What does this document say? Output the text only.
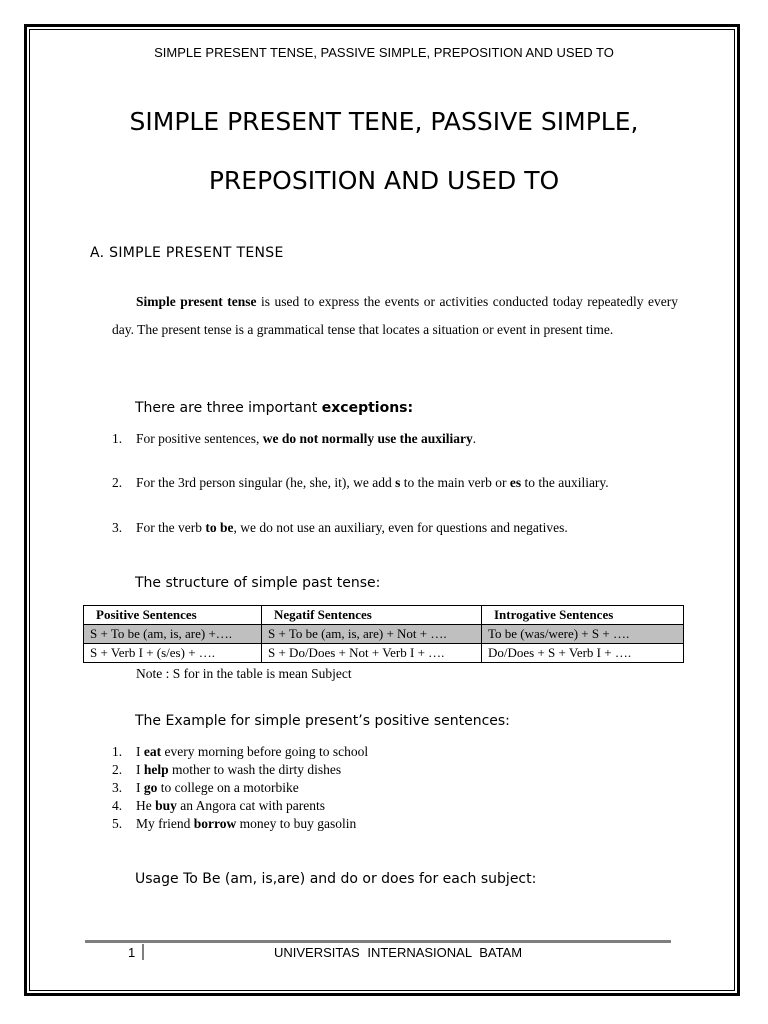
SIMPLE PRESENT TENSE, PASSIVE SIMPLE, PREPOSITION AND USED TO
SIMPLE PRESENT TENE, PASSIVE SIMPLE,
PREPOSITION AND USED TO
A. SIMPLE PRESENT TENSE
Simple present tense is used to express the events or activities conducted today repeatedly every day. The present tense is a grammatical tense that locates a situation or event in present time.
There are three important exceptions:
1. For positive sentences, we do not normally use the auxiliary.
2. For the 3rd person singular (he, she, it), we add s to the main verb or es to the auxiliary.
3. For the verb to be, we do not use an auxiliary, even for questions and negatives.
The structure of simple past tense:
Positive Sentences	Negatif Sentences	Introgative Sentences
S + To be (am, is, are) +….	S + To be (am, is, are) + Not + ….	To be (was/were) + S + ….
S + Verb I + (s/es) + ….	S + Do/Does + Not + Verb I + ….	Do/Does + S + Verb I + ….
Note : S for in the table is mean Subject
The Example for simple present’s positive sentences:
1. I eat every morning before going to school
2. I help mother to wash the dirty dishes
3. I go to college on a motorbike
4. He buy an Angora cat with parents
5. My friend borrow money to buy gasolin
Usage To Be (am, is,are) and do or does for each subject:
1	UNIVERSITAS INTERNASIONAL BATAM
